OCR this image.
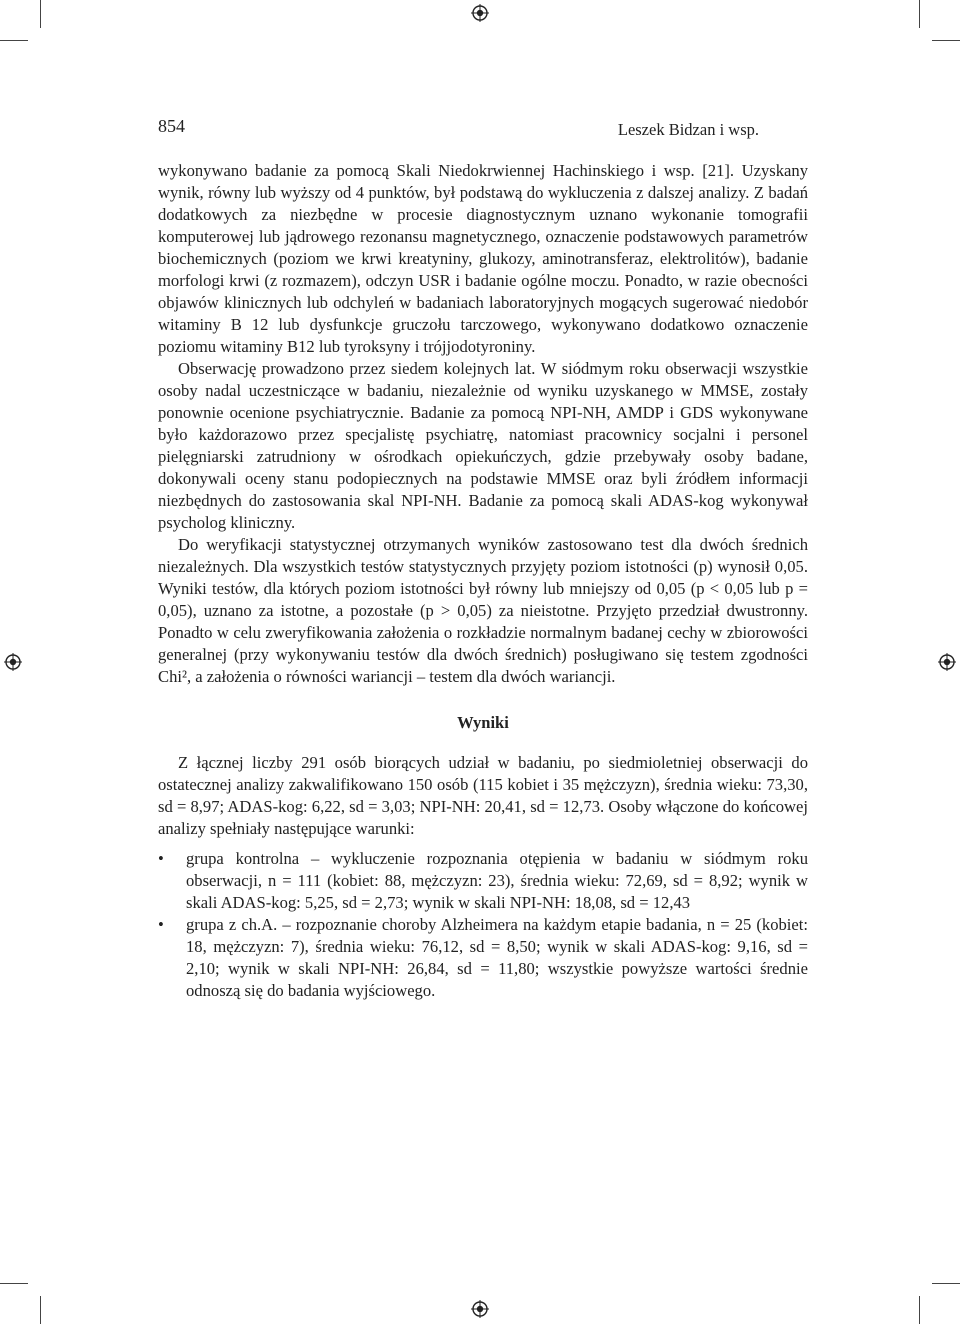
854	Leszek Bidzan i wsp.

wykonywano badanie za pomocą Skali Niedokrwiennej Hachinskiego i wsp. [21]. Uzyskany wynik, równy lub wyższy od 4 punktów, był podstawą do wykluczenia z dalszej analizy. Z badań dodatkowych za niezbędne w procesie diagnostycznym uznano wykonanie tomografii komputerowej lub jądrowego rezonansu magnetycznego, oznaczenie podstawowych parametrów biochemicznych (poziom we krwi kreatyniny, glukozy, aminotransferaz, elektrolitów), badanie morfologi krwi (z rozmazem), odczyn USR i badanie ogólne moczu. Ponadto, w razie obecności objawów klinicznych lub odchyleń w badaniach laboratoryjnych mogących sugerować niedobór witaminy B 12 lub dysfunkcje gruczołu tarczowego, wykonywano dodatkowo oznaczenie poziomu witaminy B12 lub tyroksyny i trójjodotyroniny.

Obserwację prowadzono przez siedem kolejnych lat. W siódmym roku obserwacji wszystkie osoby nadal uczestniczące w badaniu, niezależnie od wyniku uzyskanego w MMSE, zostały ponownie ocenione psychiatrycznie. Badanie za pomocą NPI-NH, AMDP i GDS wykonywane było każdorazowo przez specjalistę psychiatrę, natomiast pracownicy socjalni i personel pielęgniarski zatrudniony w ośrodkach opiekuńczych, gdzie przebywały osoby badane, dokonywali oceny stanu podopiecznych na podstawie MMSE oraz byli źródłem informacji niezbędnych do zastosowania skal NPI-NH. Badanie za pomocą skali ADAS-kog wykonywał psycholog kliniczny.

Do weryfikacji statystycznej otrzymanych wyników zastosowano test dla dwóch średnich niezależnych. Dla wszystkich testów statystycznych przyjęty poziom istotności (p) wynosił 0,05. Wyniki testów, dla których poziom istotności był równy lub mniejszy od 0,05 (p < 0,05 lub p = 0,05), uznano za istotne, a pozostałe (p > 0,05) za nieistotne. Przyjęto przedział dwustronny. Ponadto w celu zweryfikowania założenia o rozkładzie normalnym badanej cechy w zbiorowości generalnej (przy wykonywaniu testów dla dwóch średnich) posługiwano się testem zgodności Chi², a założenia o równości wariancji – testem dla dwóch wariancji.

Wyniki

Z łącznej liczby 291 osób biorących udział w badaniu, po siedmioletniej obserwacji do ostatecznej analizy zakwalifikowano 150 osób (115 kobiet i 35 mężczyzn), średnia wieku: 73,30, sd = 8,97; ADAS-kog: 6,22, sd = 3,03; NPI-NH: 20,41, sd = 12,73. Osoby włączone do końcowej analizy spełniały następujące warunki:

•	grupa kontrolna – wykluczenie rozpoznania otępienia w badaniu w siódmym roku obserwacji, n = 111 (kobiet: 88, mężczyzn: 23), średnia wieku: 72,69, sd = 8,92; wynik w skali ADAS-kog: 5,25, sd = 2,73; wynik w skali NPI-NH: 18,08, sd = 12,43
•	grupa z ch.A. – rozpoznanie choroby Alzheimera na każdym etapie badania, n = 25 (kobiet: 18, mężczyzn: 7), średnia wieku: 76,12, sd = 8,50; wynik w skali ADAS-kog: 9,16, sd = 2,10; wynik w skali NPI-NH: 26,84, sd = 11,80; wszystkie powyższe wartości średnie odnoszą się do badania wyjściowego.
